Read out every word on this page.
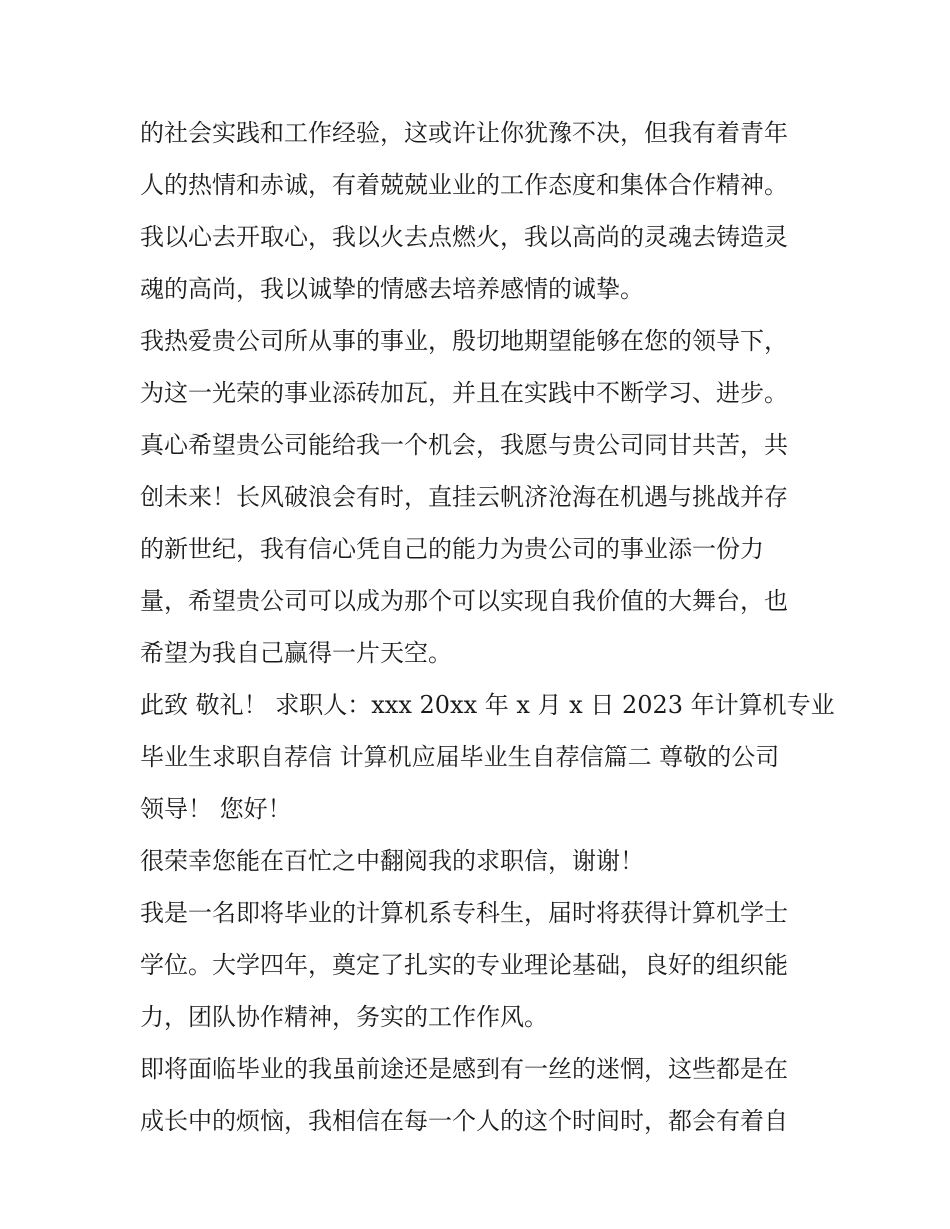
的社会实践和工作经验，这或许让你犹豫不决，但我有着青年

人的热情和赤诚，有着兢兢业业的工作态度和集体合作精神。

我以心去开取心，我以火去点燃火，我以高尚的灵魂去铸造灵

魂的高尚，我以诚挚的情感去培养感情的诚挚。

我热爱贵公司所从事的事业，殷切地期望能够在您的领导下，

为这一光荣的事业添砖加瓦，并且在实践中不断学习、进步。

真心希望贵公司能给我一个机会，我愿与贵公司同甘共苦，共

创未来！长风破浪会有时，直挂云帆济沧海在机遇与挑战并存

的新世纪，我有信心凭自己的能力为贵公司的事业添一份力

量，希望贵公司可以成为那个可以实现自我价值的大舞台，也

希望为我自己赢得一片天空。

此致 敬礼！ 求职人：xxx 20xx 年 x 月 x 日 2023 年计算机专业

毕业生求职自荐信 计算机应届毕业生自荐信篇二 尊敬的公司

领导！ 您好！

很荣幸您能在百忙之中翻阅我的求职信，谢谢！

我是一名即将毕业的计算机系专科生，届时将获得计算机学士

学位。大学四年，奠定了扎实的专业理论基础，良好的组织能

力，团队协作精神，务实的工作作风。

即将面临毕业的我虽前途还是感到有一丝的迷惘，这些都是在

成长中的烦恼，我相信在每一个人的这个时间时，都会有着自
